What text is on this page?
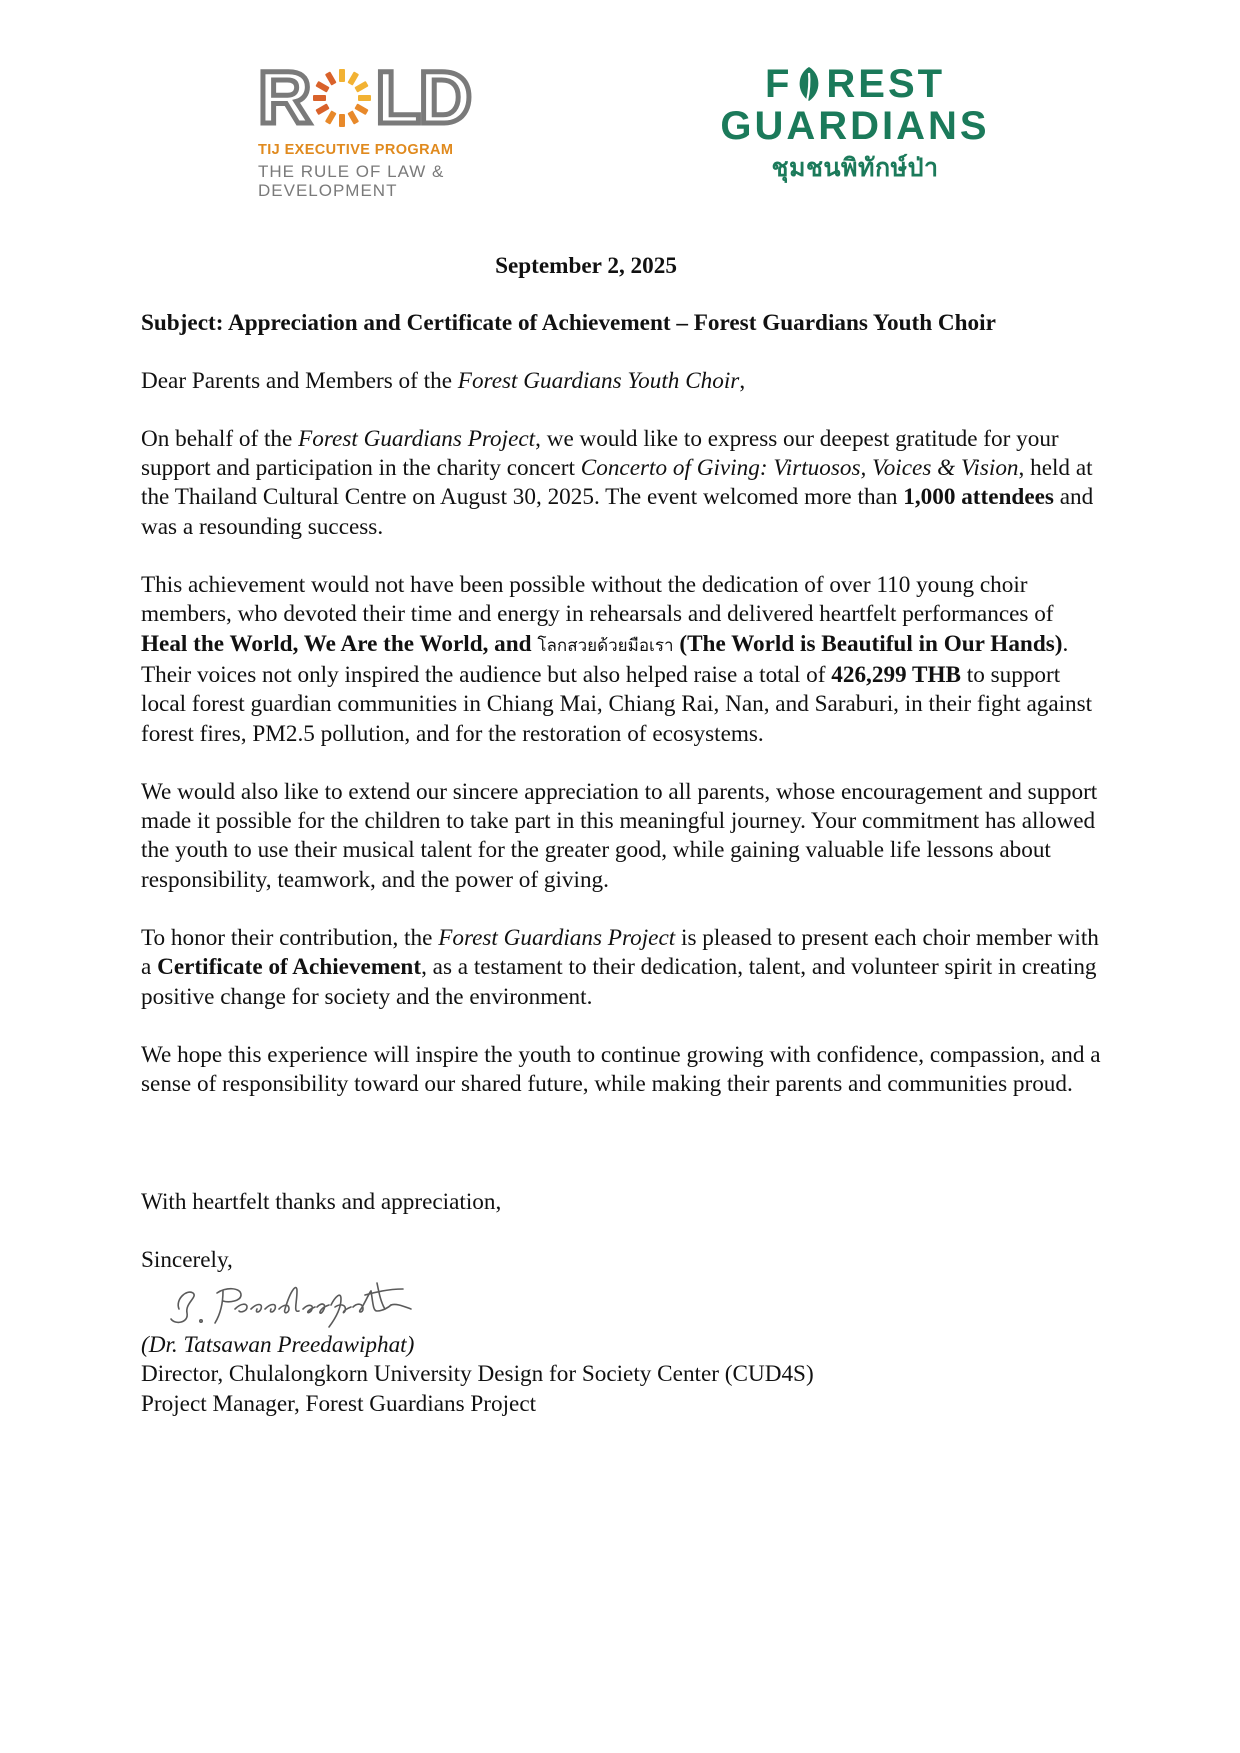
R L D
TIJ EXECUTIVE PROGRAM
THE RULE OF LAW &
DEVELOPMENT
F REST
GUARDIANS
ชุมชนพิทักษ์ป่า
September 2, 2025
Subject: Appreciation and Certificate of Achievement – Forest Guardians Youth Choir

Dear Parents and Members of the Forest Guardians Youth Choir,

On behalf of the Forest Guardians Project, we would like to express our deepest gratitude for your support and participation in the charity concert Concerto of Giving: Virtuosos, Voices & Vision, held at the Thailand Cultural Centre on August 30, 2025. The event welcomed more than 1,000 attendees and was a resounding success.

This achievement would not have been possible without the dedication of over 110 young choir members, who devoted their time and energy in rehearsals and delivered heartfelt performances of Heal the World, We Are the World, and โลกสวยด้วยมือเรา (The World is Beautiful in Our Hands). Their voices not only inspired the audience but also helped raise a total of 426,299 THB to support local forest guardian communities in Chiang Mai, Chiang Rai, Nan, and Saraburi, in their fight against forest fires, PM2.5 pollution, and for the restoration of ecosystems.

We would also like to extend our sincere appreciation to all parents, whose encouragement and support made it possible for the children to take part in this meaningful journey. Your commitment has allowed the youth to use their musical talent for the greater good, while gaining valuable life lessons about responsibility, teamwork, and the power of giving.

To honor their contribution, the Forest Guardians Project is pleased to present each choir member with a Certificate of Achievement, as a testament to their dedication, talent, and volunteer spirit in creating positive change for society and the environment.

We hope this experience will inspire the youth to continue growing with confidence, compassion, and a sense of responsibility toward our shared future, while making their parents and communities proud.

With heartfelt thanks and appreciation,

Sincerely,

(Dr. Tatsawan Preedawiphat)

Director, Chulalongkorn University Design for Society Center (CUD4S)

Project Manager, Forest Guardians Project
